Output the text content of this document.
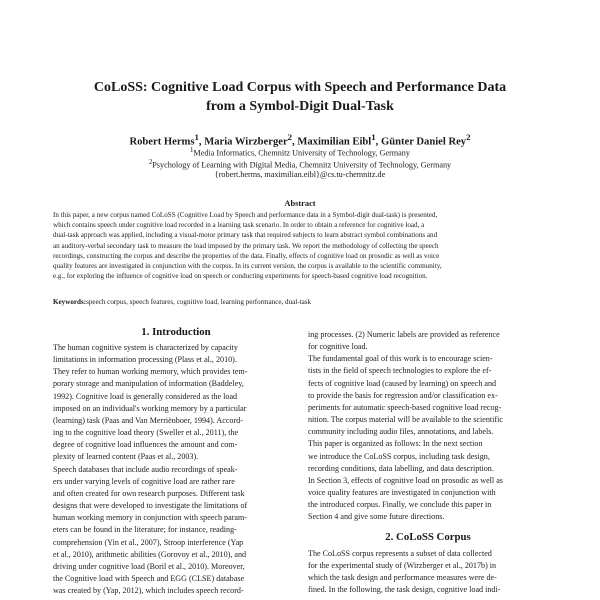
CoLoSS: Cognitive Load Corpus with Speech and Performance Data
from a Symbol-Digit Dual-Task
Robert Herms$^1$, Maria Wirzberger$^2$, Maximilian Eibl$^1$, Günter Daniel Rey$^2$
$^1$Media Informatics, Chemnitz University of Technology, Germany
$^2$Psychology of Learning with Digital Media, Chemnitz University of Technology, Germany
{robert.herms, maximilian.eibl}@cs.tu-chemnitz.de
Abstract
In this paper, a new corpus named CoLoSS (Cognitive Load by Speech and performance data in a Symbol-digit dual-task) is presented,
which contains speech under cognitive load recorded in a learning task scenario. In order to obtain a reference for cognitive load, a
dual-task approach was applied, including a visual-motor primary task that required subjects to learn abstract symbol combinations and
an auditory-verbal secondary task to measure the load imposed by the primary task. We report the methodology of collecting the speech
recordings, constructing the corpus and describe the properties of the data. Finally, effects of cognitive load on prosodic as well as voice
quality features are investigated in conjunction with the corpus. In its current version, the corpus is available to the scientific community,
e.g., for exploring the influence of cognitive load on speech or conducting experiments for speech-based cognitive load recognition.
Keywords:speech corpus, speech features, cognitive load, learning performance, dual-task
1. Introduction
The human cognitive system is characterized by capacity
limitations in information processing (Plass et al., 2010).
They refer to human working memory, which provides tem-
porary storage and manipulation of information (Baddeley,
1992). Cognitive load is generally considered as the load
imposed on an individual's working memory by a particular
(learning) task (Paas and Van Merriënboer, 1994). Accord-
ing to the cognitive load theory (Sweller et al., 2011), the
degree of cognitive load influences the amount and com-
plexity of learned content (Paas et al., 2003).
Speech databases that include audio recordings of speak-
ers under varying levels of cognitive load are rather rare
and often created for own research purposes. Different task
designs that were developed to investigate the limitations of
human working memory in conjunction with speech param-
eters can be found in the literature; for instance, reading-
comprehension (Yin et al., 2007), Stroop interference (Yap
et al., 2010), arithmetic abilities (Gorovoy et al., 2010), and
driving under cognitive load (Boril et al., 2010). Moreover,
the Cognitive load with Speech and EGG (CLSE) database
was created by (Yap, 2012), which includes speech record-
ing processes. (2) Numeric labels are provided as reference
for cognitive load.
The fundamental goal of this work is to encourage scien-
tists in the field of speech technologies to explore the ef-
fects of cognitive load (caused by learning) on speech and
to provide the basis for regression and/or classification ex-
periments for automatic speech-based cognitive load recog-
nition. The corpus material will be available to the scientific
community including audio files, annotations, and labels.
This paper is organized as follows: In the next section
we introduce the CoLoSS corpus, including task design,
recording conditions, data labelling, and data description.
In Section 3, effects of cognitive load on prosodic as well as
voice quality features are investigated in conjunction with
the introduced corpus. Finally, we conclude this paper in
Section 4 and give some future directions.
2. CoLoSS Corpus
The CoLoSS corpus represents a subset of data collected
for the experimental study of (Wirzberger et al., 2017b) in
which the task design and performance measures were de-
fined. In the following, the task design, cognitive load indi-
